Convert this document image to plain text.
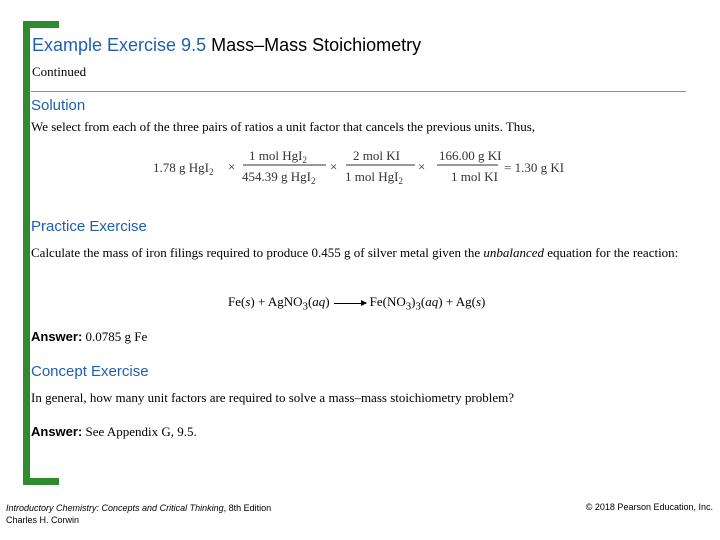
Example Exercise 9.5 Mass–Mass Stoichiometry
Continued
Solution
We select from each of the three pairs of ratios a unit factor that cancels the previous units. Thus,
1.78 g HgI$_2$ ×
1 mol HgI$_2$
454.39 g HgI$_2$
×
2 mol KI
1 mol HgI$_2$
×
166.00 g KI
1 mol KI
= 1.30 g KI
Practice Exercise
Calculate the mass of iron filings required to produce 0.455 g of silver metal given the unbalanced equation for the reaction:
Fe(s) + AgNO$_3$(aq) → $Fe(NO_3)_3(aq) + Ag(s)$
Answer: 0.0785 g Fe
Concept Exercise
In general, how many unit factors are required to solve a mass–mass stoichiometry problem?
Answer: See Appendix G, 9.5.
Introductory Chemistry: Concepts and Critical Thinking, 8th Edition
Charles H. Corwin
© 2018 Pearson Education, Inc.
